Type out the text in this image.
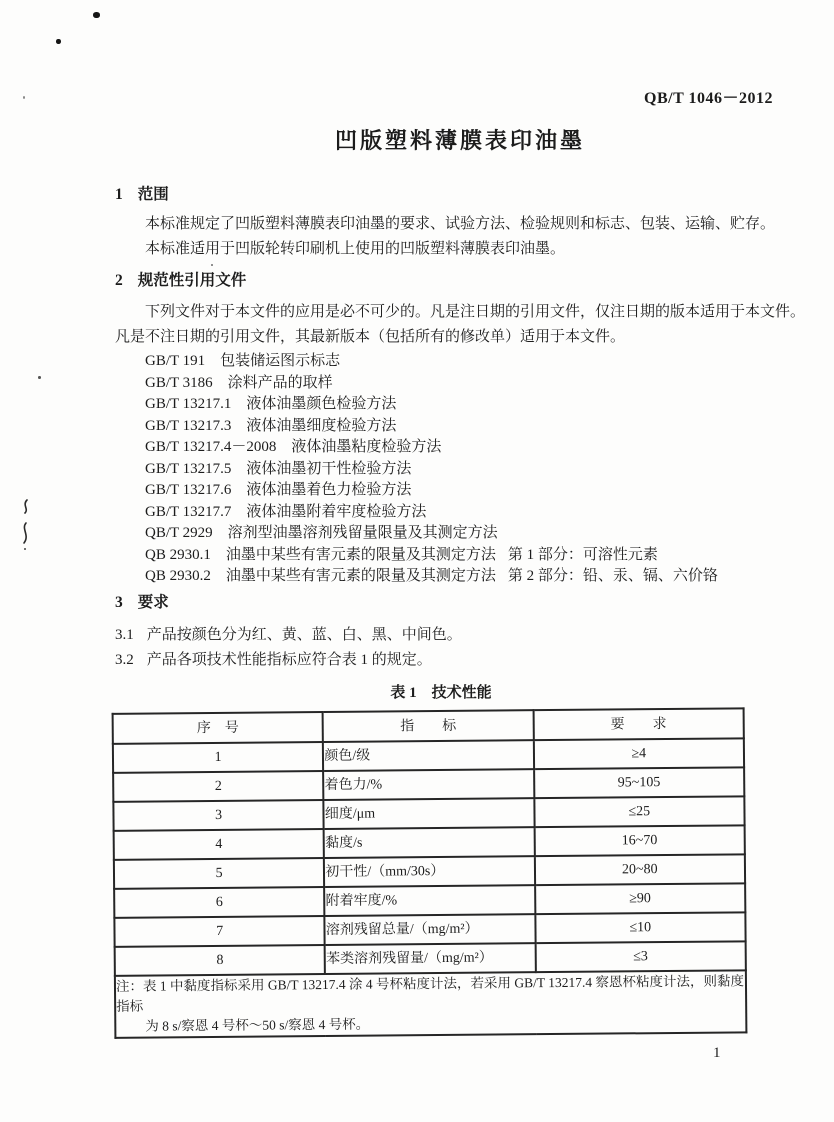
QB/T 1046－2012
凹版塑料薄膜表印油墨
1 范围
本标准规定了凹版塑料薄膜表印油墨的要求、试验方法、检验规则和标志、包装、运输、贮存。
本标准适用于凹版轮转印刷机上使用的凹版塑料薄膜表印油墨。
2 规范性引用文件
下列文件对于本文件的应用是必不可少的。凡是注日期的引用文件，仅注日期的版本适用于本文件。
凡是不注日期的引用文件，其最新版本（包括所有的修改单）适用于本文件。
GB/T 191 包装储运图示标志
GB/T 3186 涂料产品的取样
GB/T 13217.1 液体油墨颜色检验方法
GB/T 13217.3 液体油墨细度检验方法
GB/T 13217.4－2008 液体油墨粘度检验方法
GB/T 13217.5 液体油墨初干性检验方法
GB/T 13217.6 液体油墨着色力检验方法
GB/T 13217.7 液体油墨附着牢度检验方法
QB/T 2929 溶剂型油墨溶剂残留量限量及其测定方法
QB 2930.1 油墨中某些有害元素的限量及其测定方法 第 1 部分：可溶性元素
QB 2930.2 油墨中某些有害元素的限量及其测定方法 第 2 部分：铅、汞、镉、六价铬
3 要求
3.1 产品按颜色分为红、黄、蓝、白、黑、中间色。
3.2 产品各项技术性能指标应符合表 1 的规定。
表 1　技术性能
序　号	指　　标	要　　求
1	颜色/级	≥4
2	着色力/%	95~105
3	细度/μm	≤25
4	黏度/s	16~70
5	初干性/（mm/30s）	20~80
6	附着牢度/%	≥90
7	溶剂残留总量/（mg/m²）	≤10
8	苯类溶剂残留量/（mg/m²）	≤3

注：表 1 中黏度指标采用 GB/T 13217.4 涂 4 号杯粘度计法，若采用 GB/T 13217.4 察恩杯粘度计法，则黏度指标
为 8 s/察恩 4 号杯～50 s/察恩 4 号杯。		
1
